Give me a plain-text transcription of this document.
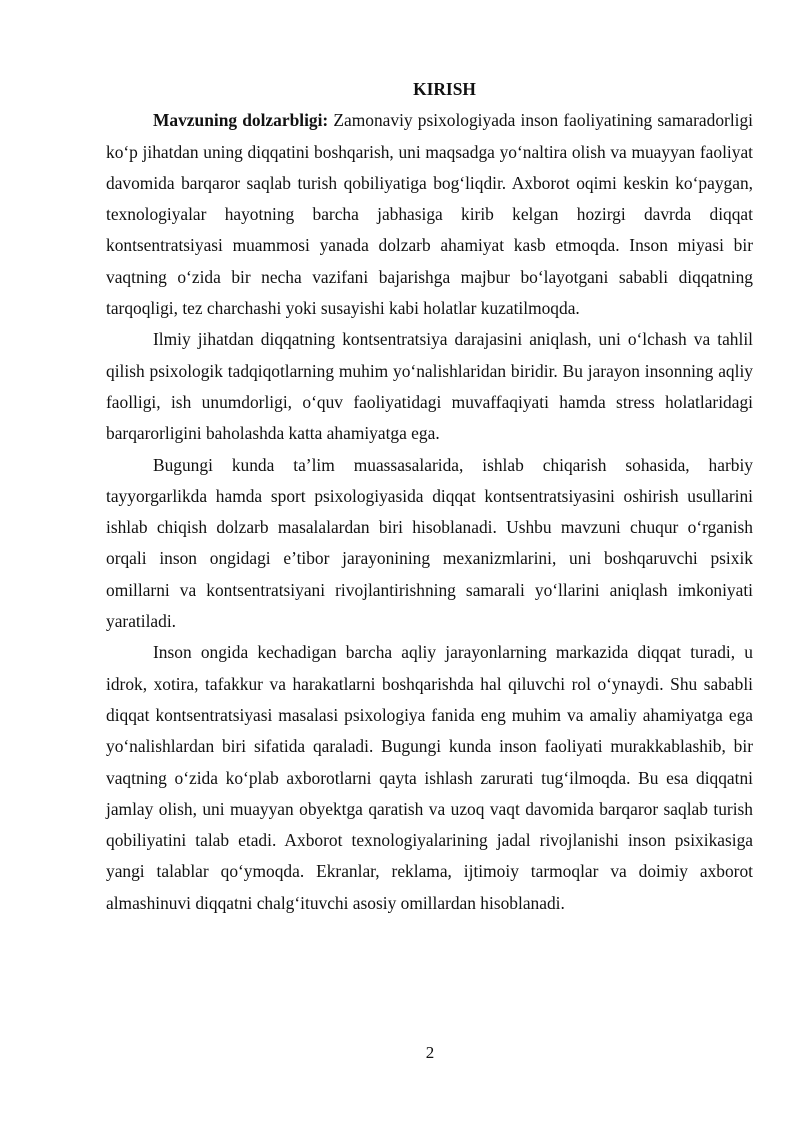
KIRISH

Mavzuning dolzarbligi: Zamonaviy psixologiyada inson faoliyatining samaradorligi ko‘p jihatdan uning diqqatini boshqarish, uni maqsadga yo‘naltira olish va muayyan faoliyat davomida barqaror saqlab turish qobiliyatiga bog‘liqdir. Axborot oqimi keskin ko‘paygan, texnologiyalar hayotning barcha jabhasiga kirib kelgan hozirgi davrda diqqat kontsentratsiyasi muammosi yanada dolzarb ahamiyat kasb etmoqda. Inson miyasi bir vaqtning o‘zida bir necha vazifani bajarishga majbur bo‘layotgani sababli diqqatning tarqoqligi, tez charchashi yoki susayishi kabi holatlar kuzatilmoqda.

Ilmiy jihatdan diqqatning kontsentratsiya darajasini aniqlash, uni o‘lchash va tahlil qilish psixologik tadqiqotlarning muhim yo‘nalishlaridan biridir. Bu jarayon insonning aqliy faolligi, ish unumdorligi, o‘quv faoliyatidagi muvaffaqiyati hamda stress holatlaridagi barqarorligini baholashda katta ahamiyatga ega.

Bugungi kunda ta’lim muassasalarida, ishlab chiqarish sohasida, harbiy tayyorgarlikda hamda sport psixologiyasida diqqat kontsentratsiyasini oshirish usullarini ishlab chiqish dolzarb masalalardan biri hisoblanadi. Ushbu mavzuni chuqur o‘rganish orqali inson ongidagi e’tibor jarayonining mexanizmlarini, uni boshqaruvchi psixik omillarni va kontsentratsiyani rivojlantirishning samarali yo‘llarini aniqlash imkoniyati yaratiladi.

Inson ongida kechadigan barcha aqliy jarayonlarning markazida diqqat turadi, u idrok, xotira, tafakkur va harakatlarni boshqarishda hal qiluvchi rol o‘ynaydi. Shu sababli diqqat kontsentratsiyasi masalasi psixologiya fanida eng muhim va amaliy ahamiyatga ega yo‘nalishlardan biri sifatida qaraladi. Bugungi kunda inson faoliyati murakkablashib, bir vaqtning o‘zida ko‘plab axborotlarni qayta ishlash zarurati tug‘ilmoqda. Bu esa diqqatni jamlay olish, uni muayyan obyektga qaratish va uzoq vaqt davomida barqaror saqlab turish qobiliyatini talab etadi. Axborot texnologiyalarining jadal rivojlanishi inson psixikasiga yangi talablar qo‘ymoqda. Ekranlar, reklama, ijtimoiy tarmoqlar va doimiy axborot almashinuvi diqqatni chalg‘ituvchi asosiy omillardan hisoblanadi.

2
